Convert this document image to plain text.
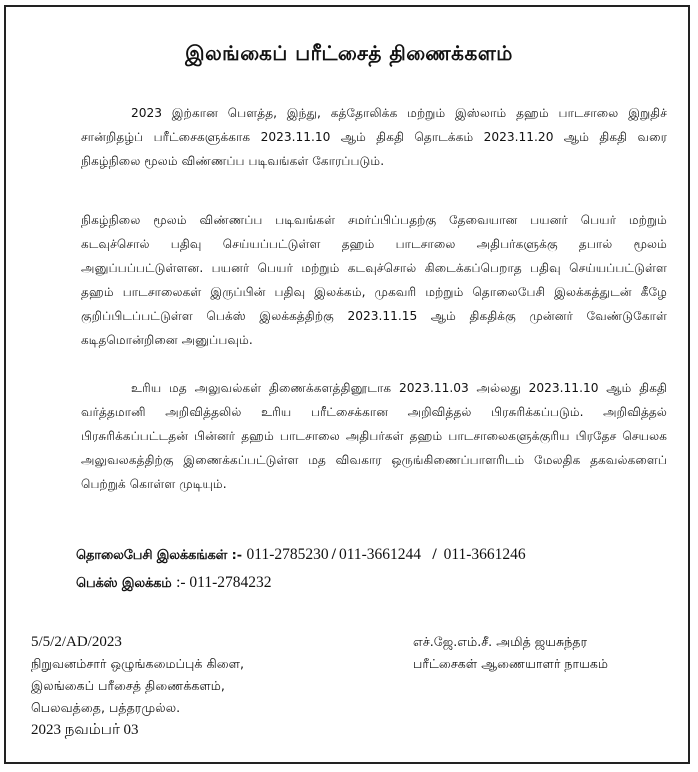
இலங்கைப் பரீட்சைத் திணைக்களம்
2023 இற்கான பௌத்த, இந்து, கத்தோலிக்க மற்றும் இஸ்லாம் தஹம் பாடசாலை இறுதிச் சான்றிதழ்ப் பரீட்சைகளுக்காக 2023.11.10 ஆம் திகதி தொடக்கம் 2023.11.20 ஆம் திகதி வரை நிகழ்நிலை மூலம் விண்ணப்ப படிவங்கள் கோரப்படும்.
நிகழ்நிலை மூலம் விண்ணப்ப படிவங்கள் சமர்ப்பிப்பதற்கு தேவையான பயனர் பெயர் மற்றும் கடவுச்சொல் பதிவு செய்யப்பட்டுள்ள தஹம் பாடசாலை அதிபர்களுக்கு தபால் மூலம் அனுப்பப்பட்டுள்ளன. பயனர் பெயர் மற்றும் கடவுச்சொல் கிடைக்கப்பெறாத பதிவு செய்யப்பட்டுள்ள தஹம் பாடசாலைகள் இருப்பின் பதிவு இலக்கம், முகவரி மற்றும் தொலைபேசி இலக்கத்துடன் கீழே குறிப்பிடப்பட்டுள்ள பெக்ஸ் இலக்கத்திற்கு 2023.11.15 ஆம் திகதிக்கு முன்னர் வேண்டுகோள் கடிதமொன்றினை அனுப்பவும்.
உரிய மத அலுவல்கள் திணைக்களத்தினூடாக 2023.11.03 அல்லது 2023.11.10 ஆம் திகதி வர்த்தமானி அறிவித்தலில் உரிய பரீட்சைக்கான அறிவித்தல் பிரசுரிக்கப்படும். அறிவித்தல் பிரசுரிக்கப்பட்டதன் பின்னர் தஹம் பாடசாலை அதிபர்கள் தஹம் பாடசாலைகளுக்குரிய பிரதேச செயலக அலுவலகத்திற்கு இணைக்கப்பட்டுள்ள மத விவகார ஒருங்கிணைப்பாளரிடம் மேலதிக தகவல்களைப் பெற்றுக் கொள்ள முடியும்.
தொலைபேசி இலக்கங்கள் :- 011-2785230 / 011-3661244  / 011-3661246
பெக்ஸ் இலக்கம் :- 011-2784232
5/5/2/AD/2023
நிறுவனம்சார் ஒழுங்கமைப்புக் கிளை,
இலங்கைப் பரீசைத் திணைக்களம்,
பெலவத்தை, பத்தரமுல்ல.
2023 நவம்பர் 03
எச்.ஜே.எம்.சீ. அமித் ஜயசுந்தர
பரீட்சைகள் ஆணையாளர் நாயகம்
